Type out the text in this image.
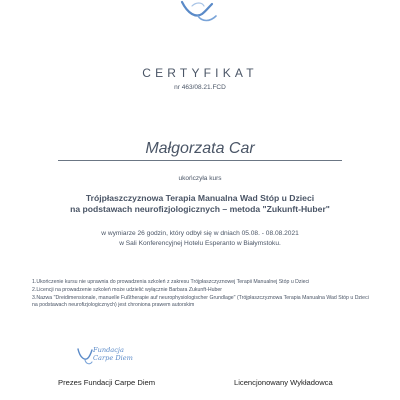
CERTYFIKAT
nr 463/08.21.FCD
Małgorzata Car
ukończyła kurs
Trójpłaszczyznowa Terapia Manualna Wad Stóp u Dzieci
na podstawach neurofizjologicznych – metoda "Zukunft-Huber"
w wymiarze 26 godzin, który odbył się w dniach 05.08. - 08.08.2021
w Sali Konferencyjnej Hotelu Esperanto w Białymstoku.
1.Ukończenie kursu nie uprawnia do prowadzenia szkoleń z zakresu Trójpłaszczyznowej Terapii Manualnej Stóp u Dzieci
2.Licencji na prowadzenie szkoleń może udzielić wyłącznie Barbara Zukunft-Huber
3.Nazwa "Dreidimensionale, manuelle Fußtherapie auf neurophysiologischer Grundlage" (Trójpłaszczyznowa Terapia Manualna Wad Stóp u Dzieci na podstawach neurofizjologicznych) jest chroniona prawem autorskim
Fundacja
Carpe Diem
Prezes Fundacji Carpe Diem	Licencjonowany Wykładowca
